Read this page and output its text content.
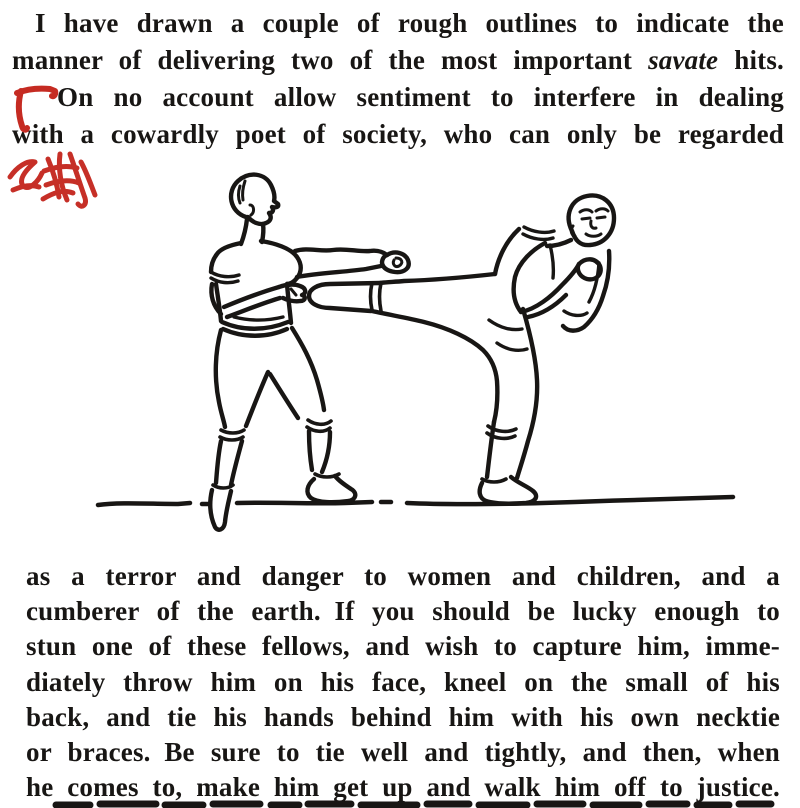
I have drawn a couple of rough outlines to indicate the
manner of delivering two of the most important savate hits.
On no account allow sentiment to interfere in dealing
with a cowardly poet of society, who can only be regarded
as a terror and danger to women and children, and a
cumberer of the earth. If you should be lucky enough to
stun one of these fellows, and wish to capture him, imme-
diately throw him on his face, kneel on the small of his
back, and tie his hands behind him with his own necktie
or braces. Be sure to tie well and tightly, and then, when
he comes to, make him get up and walk him off to justice.
